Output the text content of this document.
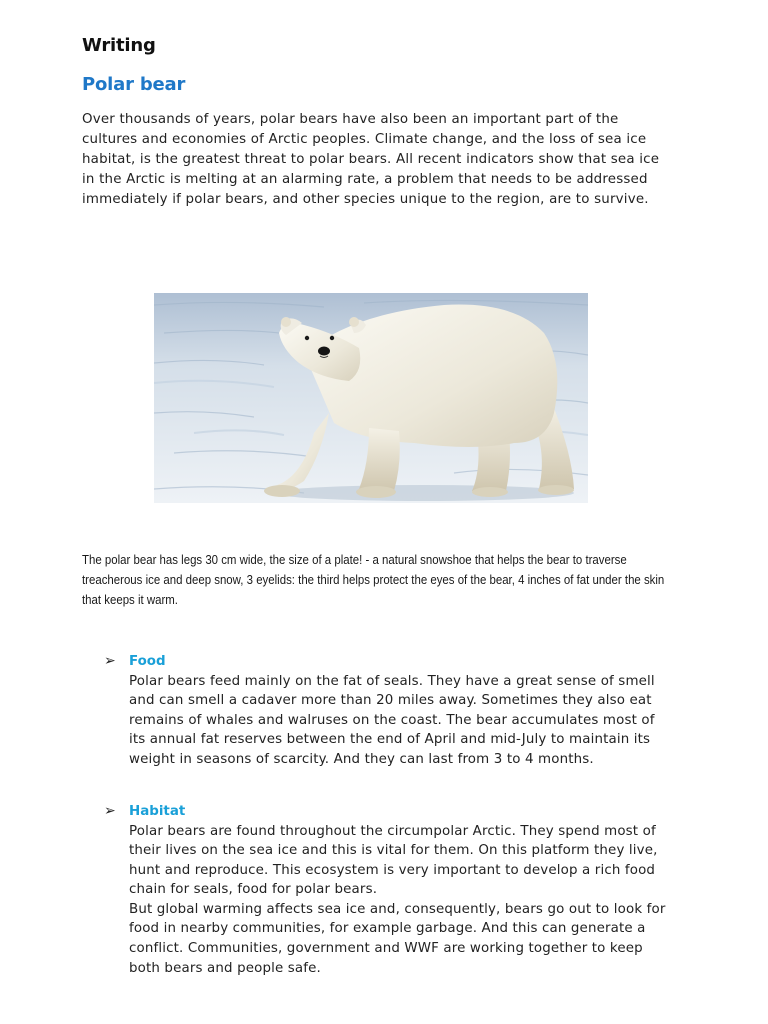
Writing
Polar bear
Over thousands of years, polar bears have also been an important part of the cultures and economies of Arctic peoples. Climate change, and the loss of sea ice habitat, is the greatest threat to polar bears. All recent indicators show that sea ice in the Arctic is melting at an alarming rate, a problem that needs to be addressed immediately if polar bears, and other species unique to the region, are to survive.
The polar bear has legs 30 cm wide, the size of a plate! - a natural snowshoe that helps the bear to traverse treacherous ice and deep snow, 3 eyelids: the third helps protect the eyes of the bear, 4 inches of fat under the skin that keeps it warm.
➢ Food

Polar bears feed mainly on the fat of seals. They have a great sense of smell and can smell a cadaver more than 20 miles away. Sometimes they also eat remains of whales and walruses on the coast. The bear accumulates most of its annual fat reserves between the end of April and mid-July to maintain its weight in seasons of scarcity. And they can last from 3 to 4 months.

➢ Habitat

Polar bears are found throughout the circumpolar Arctic. They spend most of their lives on the sea ice and this is vital for them. On this platform they live, hunt and reproduce. This ecosystem is very important to develop a rich food chain for seals, food for polar bears.

But global warming affects sea ice and, consequently, bears go out to look for food in nearby communities, for example garbage. And this can generate a conflict. Communities, government and WWF are working together to keep both bears and people safe.
